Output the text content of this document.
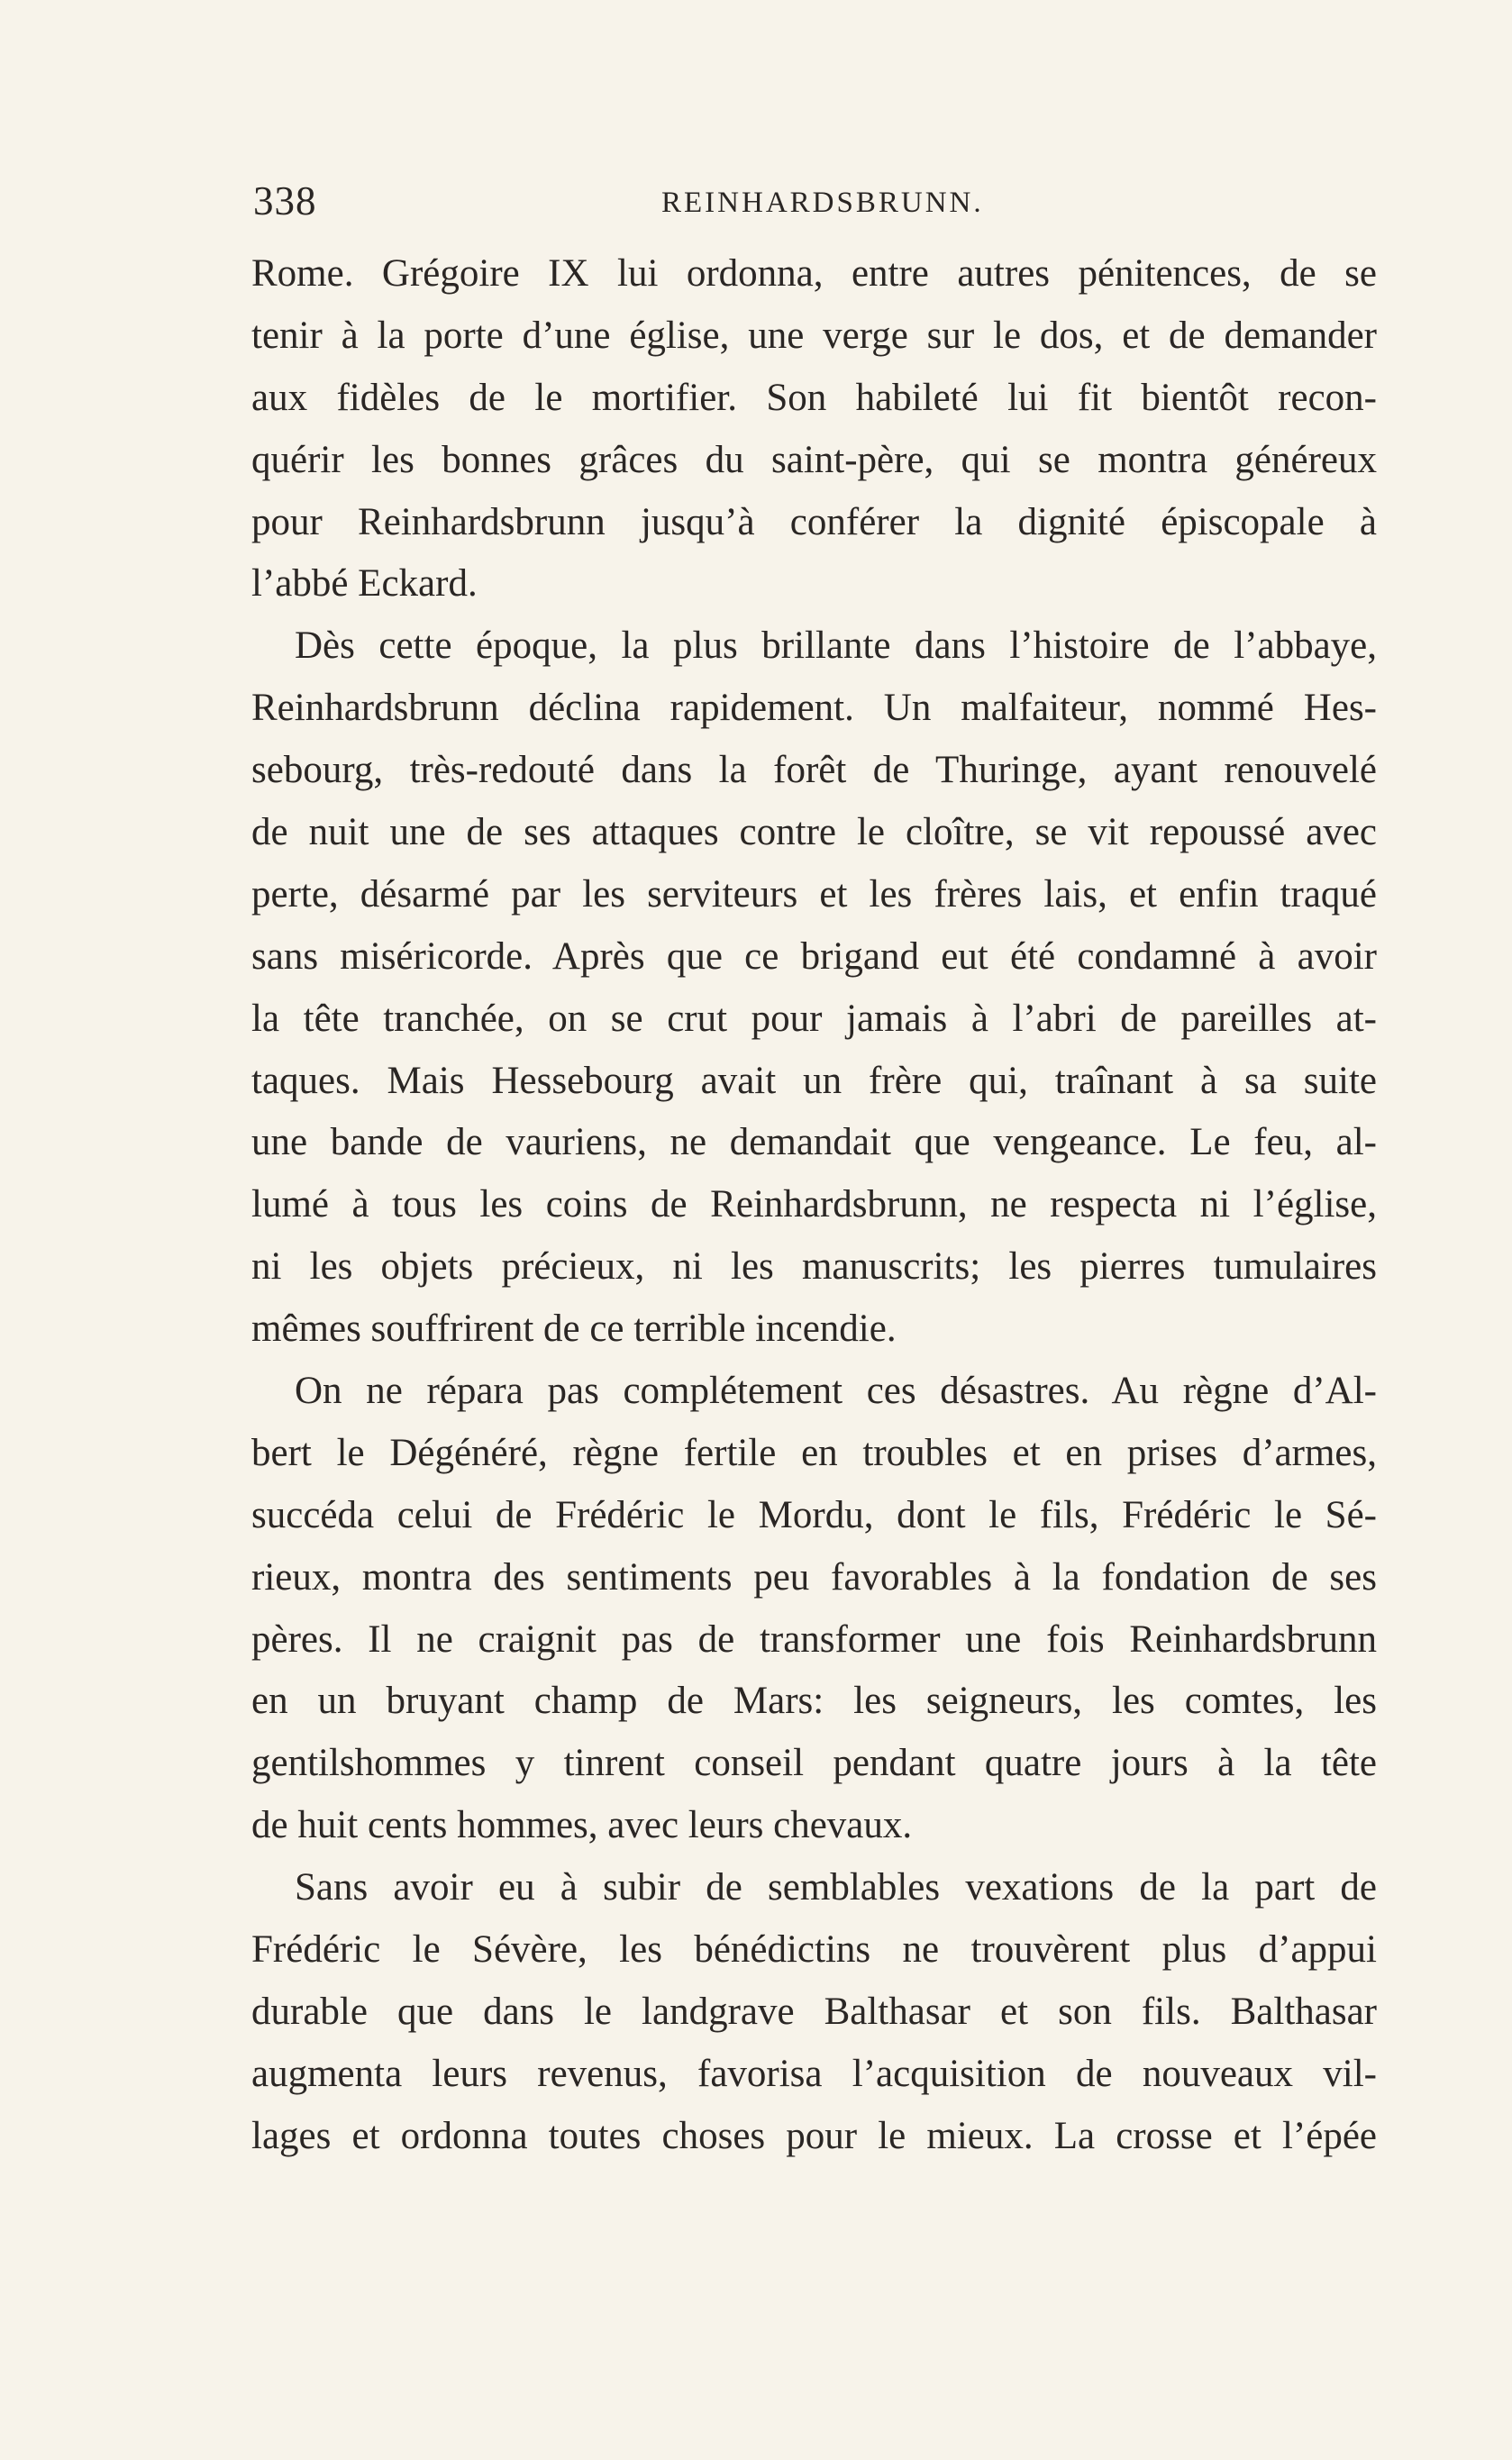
338	REINHARDSBRUNN.
Rome. Grégoire IX lui ordonna, entre autres pénitences, de se
tenir à la porte d’une église, une verge sur le dos, et de demander
aux fidèles de le mortifier. Son habileté lui fit bientôt recon-
quérir les bonnes grâces du saint-père, qui se montra généreux
pour Reinhardsbrunn jusqu’à conférer la dignité épiscopale à
l’abbé Eckard.
Dès cette époque, la plus brillante dans l’histoire de l’abbaye,
Reinhardsbrunn déclina rapidement. Un malfaiteur, nommé Hes-
sebourg, très-redouté dans la forêt de Thuringe, ayant renouvelé
de nuit une de ses attaques contre le cloître, se vit repoussé avec
perte, désarmé par les serviteurs et les frères lais, et enfin traqué
sans miséricorde. Après que ce brigand eut été condamné à avoir
la tête tranchée, on se crut pour jamais à l’abri de pareilles at-
taques. Mais Hessebourg avait un frère qui, traînant à sa suite
une bande de vauriens, ne demandait que vengeance. Le feu, al-
lumé à tous les coins de Reinhardsbrunn, ne respecta ni l’église,
ni les objets précieux, ni les manuscrits; les pierres tumulaires
mêmes souffrirent de ce terrible incendie.
On ne répara pas complétement ces désastres. Au règne d’Al-
bert le Dégénéré, règne fertile en troubles et en prises d’armes,
succéda celui de Frédéric le Mordu, dont le fils, Frédéric le Sé-
rieux, montra des sentiments peu favorables à la fondation de ses
pères. Il ne craignit pas de transformer une fois Reinhardsbrunn
en un bruyant champ de Mars: les seigneurs, les comtes, les
gentilshommes y tinrent conseil pendant quatre jours à la tête
de huit cents hommes, avec leurs chevaux.
Sans avoir eu à subir de semblables vexations de la part de
Frédéric le Sévère, les bénédictins ne trouvèrent plus d’appui
durable que dans le landgrave Balthasar et son fils. Balthasar
augmenta leurs revenus, favorisa l’acquisition de nouveaux vil-
lages et ordonna toutes choses pour le mieux. La crosse et l’épée
